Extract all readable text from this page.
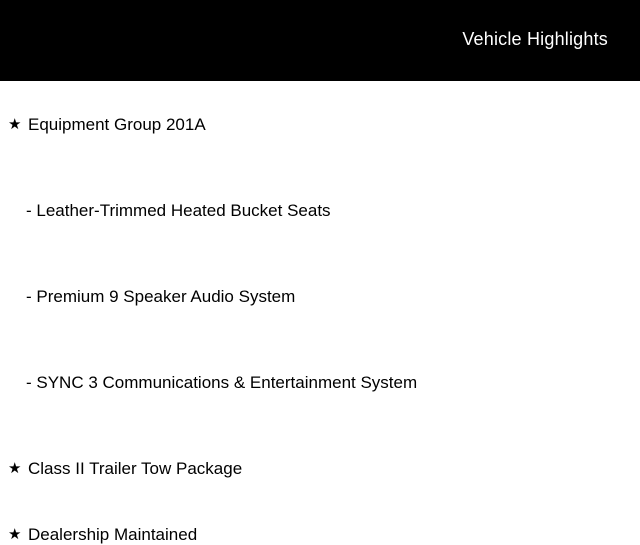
Vehicle Highlights
★ Equipment Group 201A
- Leather-Trimmed Heated Bucket Seats
- Premium 9 Speaker Audio System
- SYNC 3 Communications & Entertainment System
★ Class II Trailer Tow Package
★ Dealership Maintained
